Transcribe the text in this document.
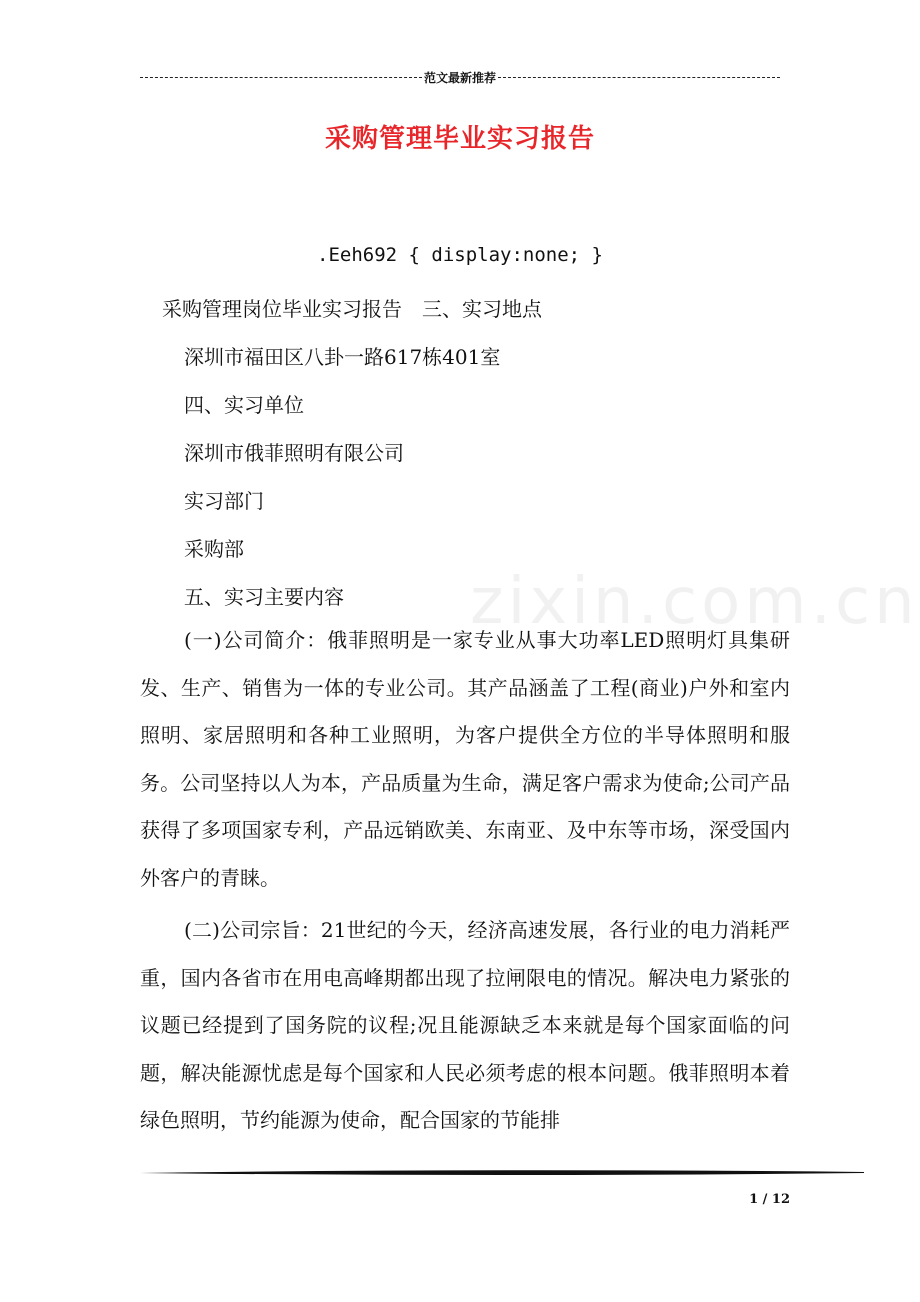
范文最新推荐
采购管理毕业实习报告
.Eeh692 { display:none; }
采购管理岗位毕业实习报告　三、实习地点
深圳市福田区八卦一路617栋401室
四、实习单位
深圳市俄菲照明有限公司
实习部门
采购部
五、实习主要内容
(一)公司简介：俄菲照明是一家专业从事大功率LED照明灯具集研发、生产、销售为一体的专业公司。其产品涵盖了工程(商业)户外和室内照明、家居照明和各种工业照明，为客户提供全方位的半导体照明和服务。公司坚持以人为本，产品质量为生命，满足客户需求为使命;公司产品获得了多项国家专利，产品远销欧美、东南亚、及中东等市场，深受国内外客户的青睐。
(二)公司宗旨：21世纪的今天，经济高速发展，各行业的电力消耗严重，国内各省市在用电高峰期都出现了拉闸限电的情况。解决电力紧张的议题已经提到了国务院的议程;况且能源缺乏本来就是每个国家面临的问题，解决能源忧虑是每个国家和人民必须考虑的根本问题。俄菲照明本着绿色照明，节约能源为使命，配合国家的节能排
zixin.com.cn
1 / 12
